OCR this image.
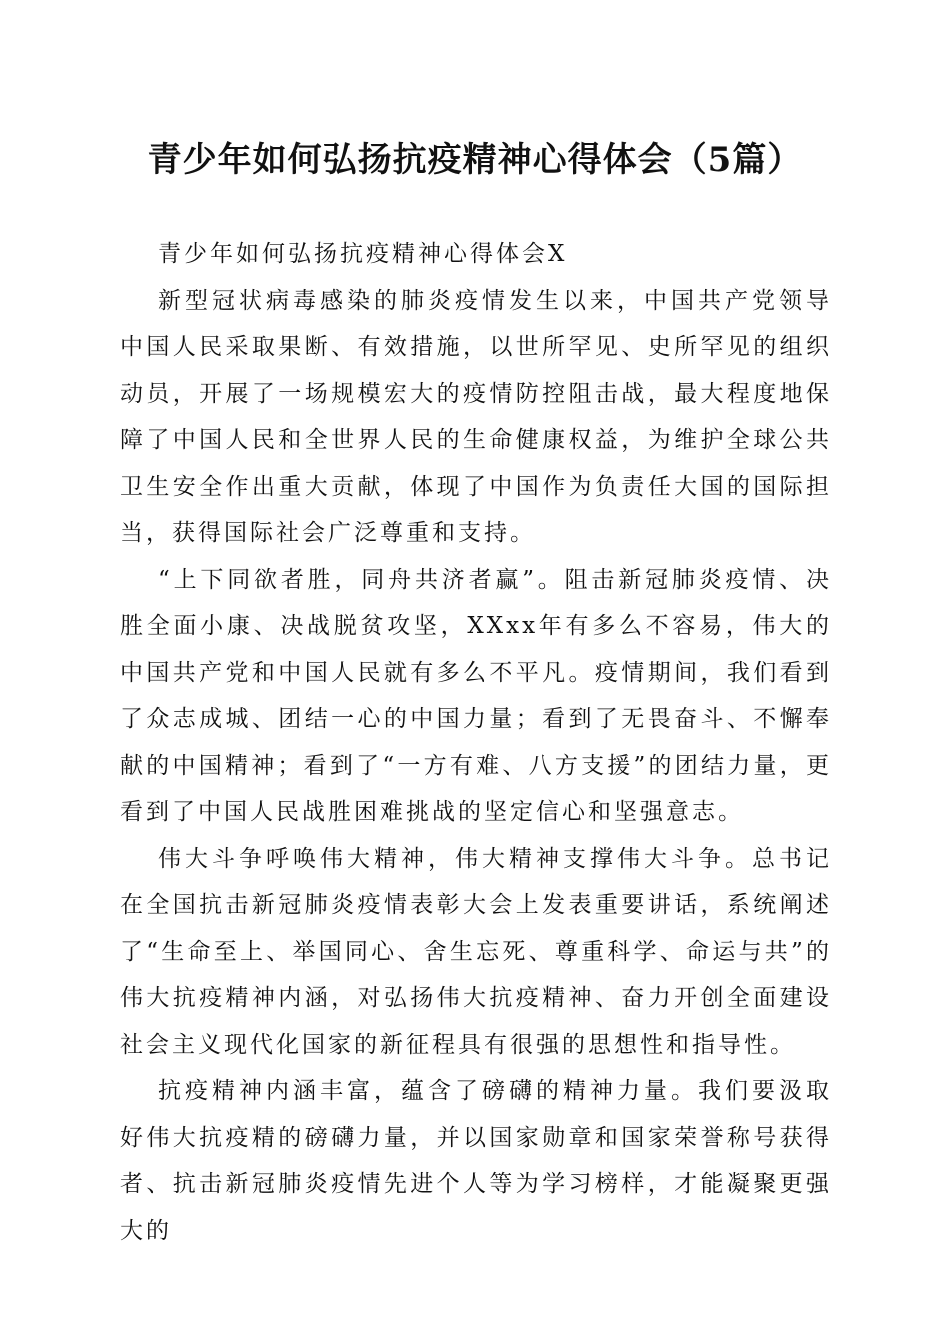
青少年如何弘扬抗疫精神心得体会（5篇）

青少年如何弘扬抗疫精神心得体会X

新型冠状病毒感染的肺炎疫情发生以来，中国共产党领导中国人民采取果断、有效措施，以世所罕见、史所罕见的组织动员，开展了一场规模宏大的疫情防控阻击战，最大程度地保障了中国人民和全世界人民的生命健康权益，为维护全球公共卫生安全作出重大贡献，体现了中国作为负责任大国的国际担当，获得国际社会广泛尊重和支持。

“上下同欲者胜，同舟共济者赢”。阻击新冠肺炎疫情、决胜全面小康、决战脱贫攻坚，XXxx年有多么不容易，伟大的中国共产党和中国人民就有多么不平凡。疫情期间，我们看到了众志成城、团结一心的中国力量；看到了无畏奋斗、不懈奉献的中国精神；看到了“一方有难、八方支援”的团结力量，更看到了中国人民战胜困难挑战的坚定信心和坚强意志。

伟大斗争呼唤伟大精神，伟大精神支撑伟大斗争。总书记在全国抗击新冠肺炎疫情表彰大会上发表重要讲话，系统阐述了“生命至上、举国同心、舍生忘死、尊重科学、命运与共”的伟大抗疫精神内涵，对弘扬伟大抗疫精神、奋力开创全面建设社会主义现代化国家的新征程具有很强的思想性和指导性。

抗疫精神内涵丰富，蕴含了磅礴的精神力量。我们要汲取好伟大抗疫精的磅礴力量，并以国家勋章和国家荣誉称号获得者、抗击新冠肺炎疫情先进个人等为学习榜样，才能凝聚更强大的
